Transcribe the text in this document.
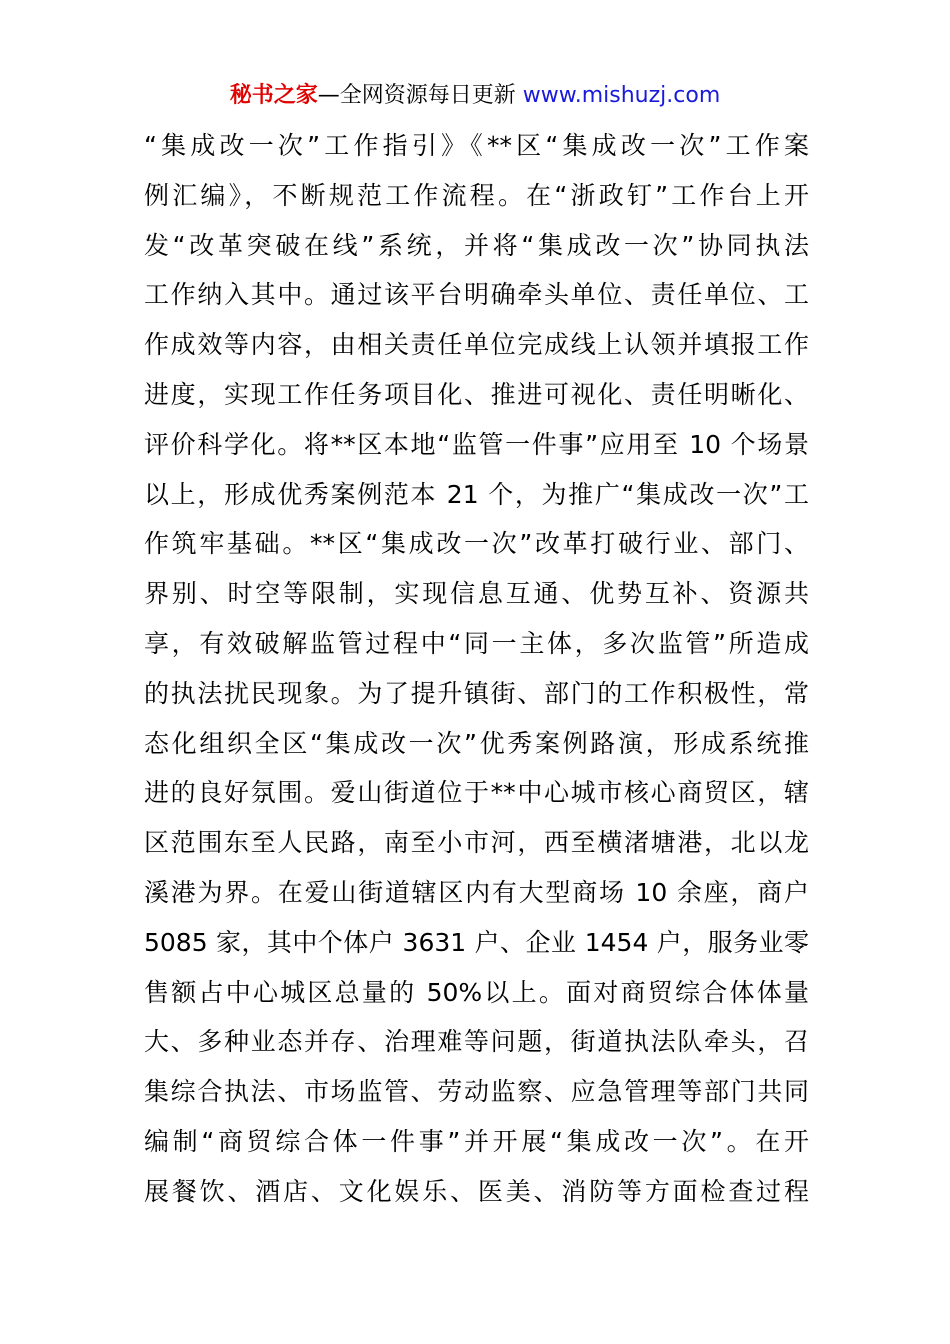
秘书之家—全网资源每日更新 www.mishuzj.com
“集成改一次”工作指引》《**区“集成改一次”工作案
例汇编》，不断规范工作流程。在“浙政钉”工作台上开
发“改革突破在线”系统，并将“集成改一次”协同执法
工作纳入其中。通过该平台明确牵头单位、责任单位、工
作成效等内容，由相关责任单位完成线上认领并填报工作
进度，实现工作任务项目化、推进可视化、责任明晰化、
评价科学化。将**区本地“监管一件事”应用至 10 个场景
以上，形成优秀案例范本 21 个，为推广“集成改一次”工
作筑牢基础。**区“集成改一次”改革打破行业、部门、
界别、时空等限制，实现信息互通、优势互补、资源共
享，有效破解监管过程中“同一主体，多次监管”所造成
的执法扰民现象。为了提升镇街、部门的工作积极性，常
态化组织全区“集成改一次”优秀案例路演，形成系统推
进的良好氛围。爱山街道位于**中心城市核心商贸区，辖
区范围东至人民路，南至小市河，西至横渚塘港，北以龙
溪港为界。在爱山街道辖区内有大型商场 10 余座，商户
5085 家，其中个体户 3631 户、企业 1454 户，服务业零
售额占中心城区总量的 50%以上。面对商贸综合体体量
大、多种业态并存、治理难等问题，街道执法队牵头，召
集综合执法、市场监管、劳动监察、应急管理等部门共同
编制“商贸综合体一件事”并开展“集成改一次”。在开
展餐饮、酒店、文化娱乐、医美、消防等方面检查过程
